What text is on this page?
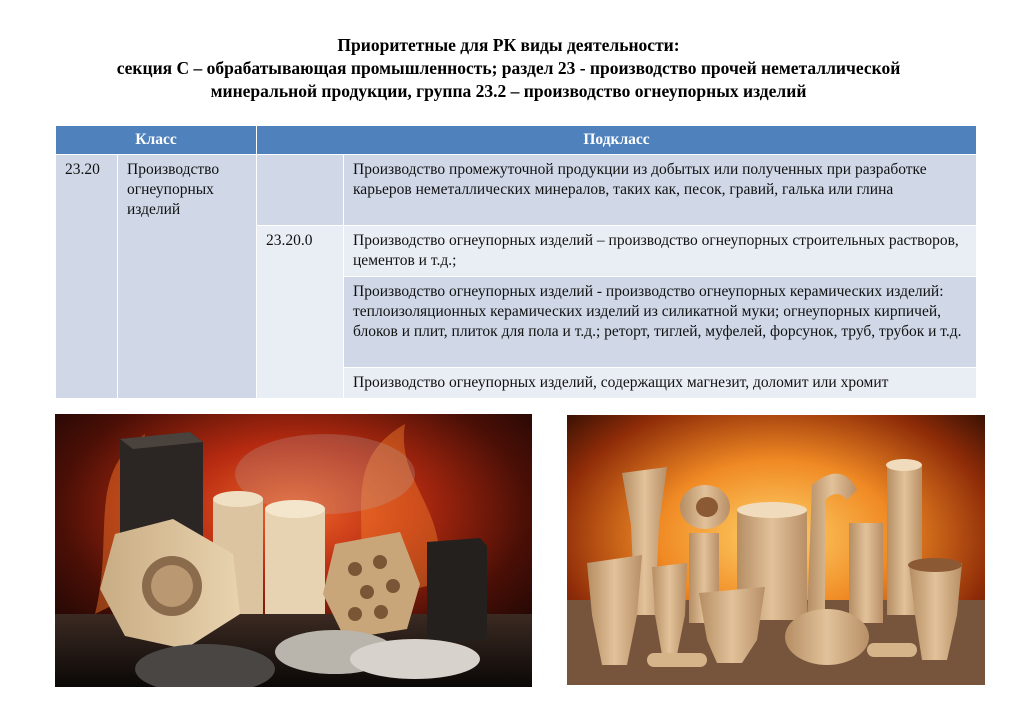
Приоритетные для РК виды деятельности:
секция С – обрабатывающая промышленность; раздел 23 - производство прочей неметаллической
минеральной продукции, группа 23.2 – производство огнеупорных изделий
Класс		Подкласс	
23.20	Производство огнеупорных изделий		Производство промежуточной продукции из добытых или полученных при разработке карьеров неметаллических минералов, таких как, песок, гравий, галька или глина
		23.20.0	Производство огнеупорных изделий – производство огнеупорных строительных растворов, цементов и т.д.;
			Производство огнеупорных изделий - производство огнеупорных керамических изделий: теплоизоляционных керамических изделий из силикатной муки; огнеупорных кирпичей, блоков и плит, плиток для пола и т.д.; реторт, тиглей, муфелей, форсунок, труб, трубок и т.д.
			Производство огнеупорных изделий, содержащих магнезит, доломит или хромит
